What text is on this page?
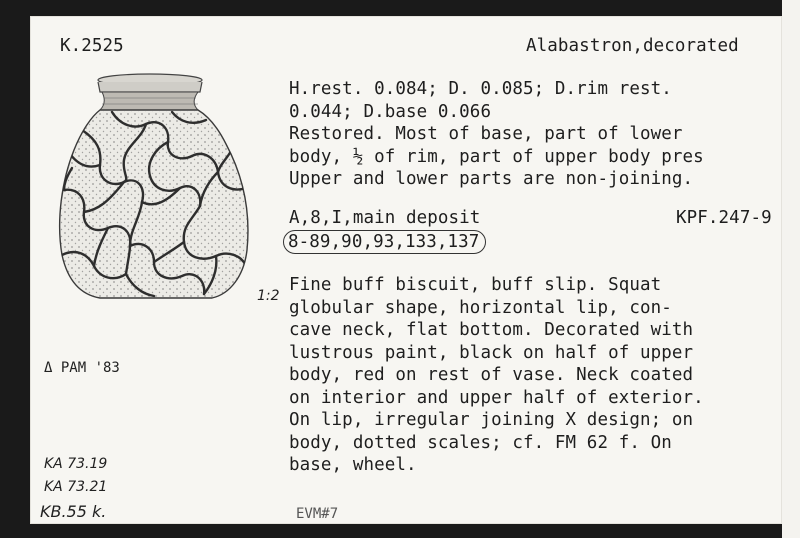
K.2525	Alabastron,decorated
H.rest. 0.084; D. 0.085; D.rim rest.
0.044; D.base 0.066
Restored. Most of base, part of lower
body, ½ of rim, part of upper body pres
Upper and lower parts are non-joining.
A,8,I,main deposit	KPF.247-9
8-89,90,93,133,137
1:2
Fine buff biscuit, buff slip. Squat
globular shape, horizontal lip, con-
cave neck, flat bottom. Decorated with
lustrous paint, black on half of upper
body, red on rest of vase. Neck coated
on interior and upper half of exterior.
On lip, irregular joining X design; on
body, dotted scales; cf. FM 62 f. On
base, wheel.
Δ PAM '83
KA 73.19
KA 73.21
KB.55 k.	EVM#7
